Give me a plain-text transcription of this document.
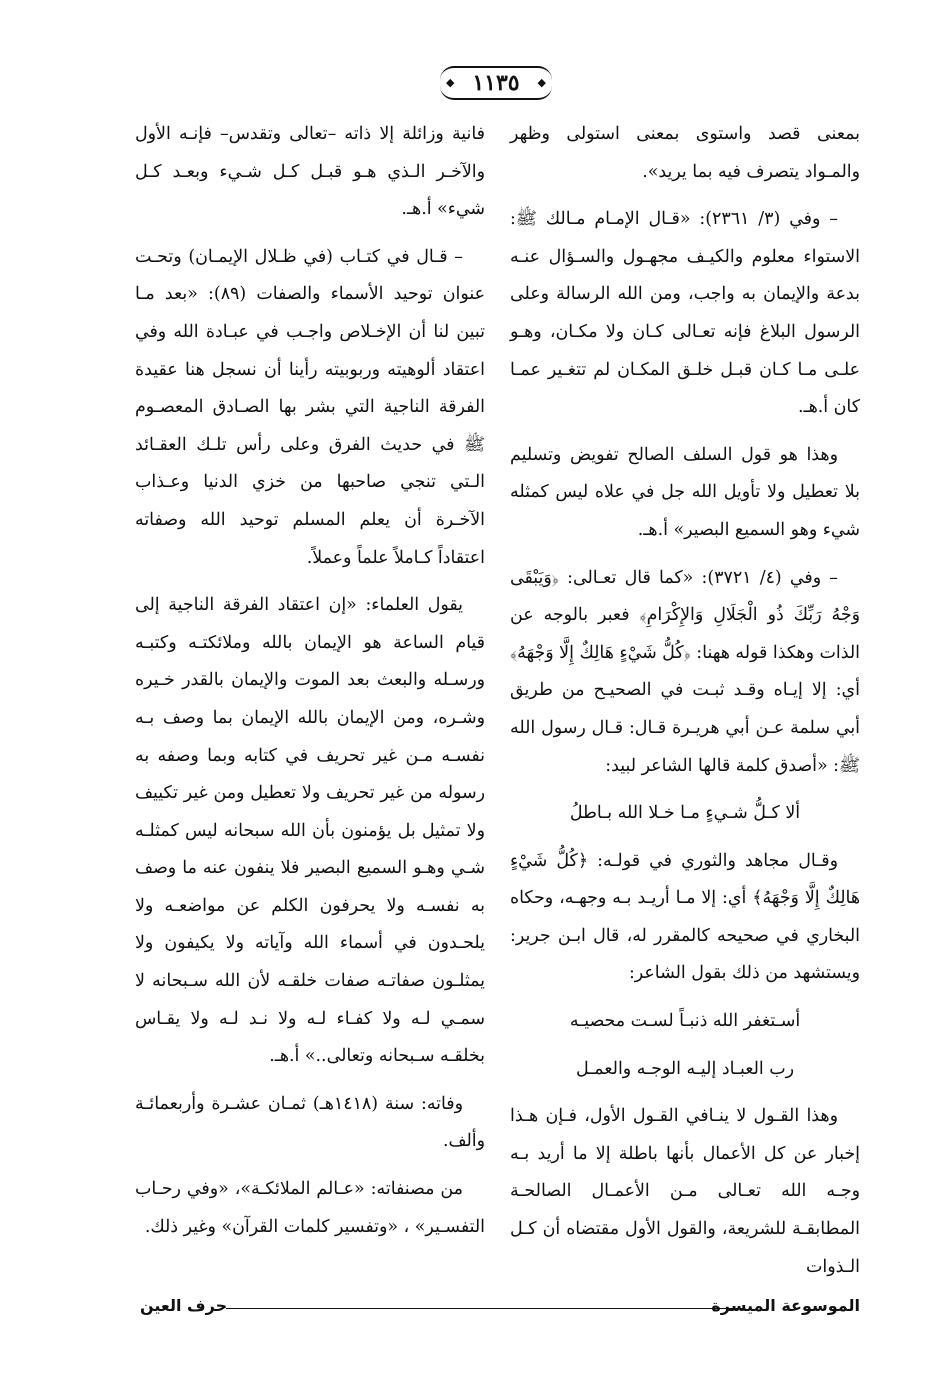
◆ ١١٣٥ ◆

بمعنى قصد واستوى بمعنى استولى وظهر والمـواد يتصرف فيه بما يريد».

– وفي (٣/ ٢٣٦١): «قـال الإمـام مـالك ﷺ: الاستواء معلوم والكيـف مجهـول والسـؤال عنـه بدعة والإيمان به واجب، ومن الله الرسالة وعلى الرسول البلاغ فإنه تعـالى كـان ولا مكـان، وهـو علـى مـا كـان قبـل خلـق المكـان لم تتغـير عمـا كان أ.هـ.

وهذا هو قول السلف الصالح تفويض وتسليم بلا تعطيل ولا تأويل الله جل في علاه ليس كمثله شيء وهو السميع البصير» أ.هـ.

– وفي (٤/ ٣٧٢١): «كما قال تعـالى: ﴿وَيَبْقَى وَجْهُ رَبِّكَ ذُو الْجَلَالِ وَالإِكْرَامِ﴾ فعبر بالوجه عن الذات وهكذا قوله ههنا: ﴿كُلُّ شَيْءٍ هَالِكٌ إِلَّا وَجْهَهُ﴾ أي: إلا إيـاه وقـد ثبـت في الصحيـح من طريق أبي سلمة عـن أبي هريـرة قـال: قـال رسول الله ﷺ: «أصدق كلمة قالها الشاعر لبيد:

ألا كـلُّ شـيءٍ مـا خـلا الله بـاطلُ

وقـال مجاهد والثوري في قولـه: ﴿كُلُّ شَيْءٍ هَالِكٌ إِلَّا وَجْهَهُ﴾ أي: إلا مـا أريـد بـه وجهـه، وحكاه البخاري في صحيحه كالمقرر له، قال ابـن جرير: ويستشهد من ذلك بقول الشاعر:

أسـتغفر الله ذنبـاً لسـت محصيـه
رب العبـاد إليـه الوجـه والعمـل

وهذا القـول لا ينـافي القـول الأول، فـإن هـذا إخبار عن كل الأعمال بأنها باطلة إلا ما أريد بـه وجـه الله تعـالى مـن الأعمـال الصالحـة المطابقـة للشريعة، والقول الأول مقتضاه أن كـل الـذوات

فانية وزائلة إلا ذاته –تعالى وتقدس– فإنـه الأول والآخـر الـذي هـو قبـل كـل شـيء وبعـد كـل شيء» أ.هـ.

– قـال في كتـاب (في ظـلال الإيمـان) وتحـت عنوان توحيد الأسماء والصفات (٨٩): «بعد مـا تبين لنا أن الإخـلاص واجـب في عبـادة الله وفي اعتقاد ألوهيته وربوبيته رأينا أن نسجل هنا عقيدة الفرقة الناجية التي بشر بها الصـادق المعصـوم ﷺ في حديث الفرق وعلى رأس تلـك العقـائد الـتي تنجي صاحبها من خزي الدنيا وعـذاب الآخـرة أن يعلم المسلم توحيد الله وصفاته اعتقاداً كـاملاً علماً وعملاً.

يقول العلماء: «إن اعتقاد الفرقة الناجية إلى قيام الساعة هو الإيمان بالله وملائكتـه وكتبـه ورسـله والبعث بعد الموت والإيمان بالقدر خـيره وشـره، ومن الإيمان بالله الإيمان بما وصف بـه نفسـه مـن غير تحريف في كتابه وبما وصفه به رسوله من غير تحريف ولا تعطيل ومن غير تكييف ولا تمثيل بل يؤمنون بأن الله سبحانه ليس كمثلـه شـي وهـو السميع البصير فلا ينفون عنه ما وصف به نفسـه ولا يحرفون الكلم عن مواضعـه ولا يلحـدون في أسماء الله وآياته ولا يكيفون ولا يمثلـون صفاتـه صفات خلقـه لأن الله سـبحانه لا سمـي لـه ولا كفـاء لـه ولا نـد لـه ولا يقـاس بخلقـه سـبحانه وتعالى..» أ.هـ.

وفاته: سنة (١٤١٨هـ) ثمـان عشـرة وأربعمائـة وألف.

من مصنفاته: «عـالم الملائكـة»، «وفي رحـاب التفسـير» ، «وتفسير كلمات القرآن» وغير ذلك.

الموسوعة الميسرة
حرف العين
